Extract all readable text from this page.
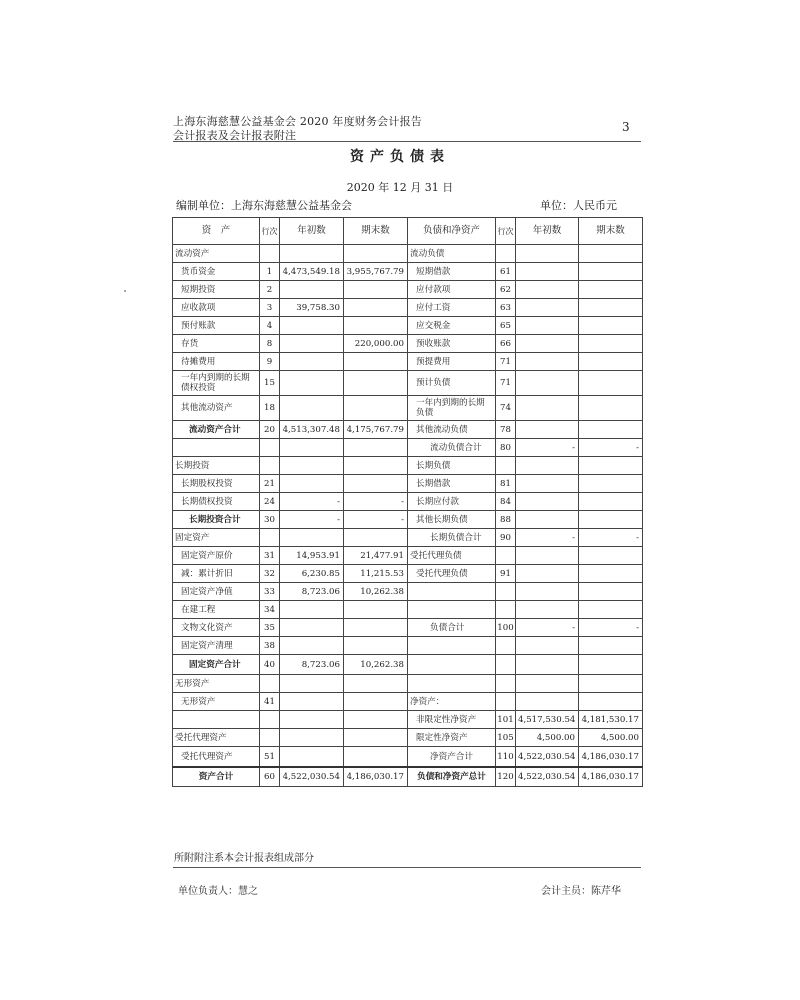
上海东海慈慧公益基金会 2020 年度财务会计报告
会计报表及会计报表附注
3
资产负债表
2020 年 12 月 31 日
编制单位：上海东海慈慧公益基金会	单位：人民币元
资　产	行次	年初数	期末数	负债和净资产	行次	年初数	期末数
流动资产				流动负债			
货币资金	1	4,473,549.18	3,955,767.79	短期借款	61		
短期投资	2			应付款项	62		
应收款项	3	39,758.30		应付工资	63		
预付账款	4			应交税金	65		
存货	8		220,000.00	预收账款	66		
待摊费用	9			预提费用	71		
一年内到期的长期债权投资	15			预计负债	71		
其他流动资产	18			一年内到期的长期负债	74		
流动资产合计	20	4,513,307.48	4,175,767.79	其他流动负债	78		
				流动负债合计	80	-	-
长期投资				长期负债			
长期股权投资	21			长期借款	81		
长期债权投资	24	-	-	长期应付款	84		
长期投资合计	30	-	-	其他长期负债	88		
固定资产				长期负债合计	90	-	-
固定资产原价	31	14,953.91	21,477.91	受托代理负债			
减：累计折旧	32	6,230.85	11,215.53	受托代理负债	91		
固定资产净值	33	8,723.06	10,262.38				
在建工程	34						
文物文化资产	35			负债合计	100	-	-
固定资产清理	38						
固定资产合计	40	8,723.06	10,262.38				
无形资产							
无形资产	41			净资产：			
				非限定性净资产	101	4,517,530.54	4,181,530.17
受托代理资产				限定性净资产	105	4,500.00	4,500.00
受托代理资产	51			净资产合计	110	4,522,030.54	4,186,030.17
资产合计	60	4,522,030.54	4,186,030.17	负债和净资产总计	120	4,522,030.54	4,186,030.17
所附附注系本会计报表组成部分
单位负责人：慧之	会计主员：陈芹华
